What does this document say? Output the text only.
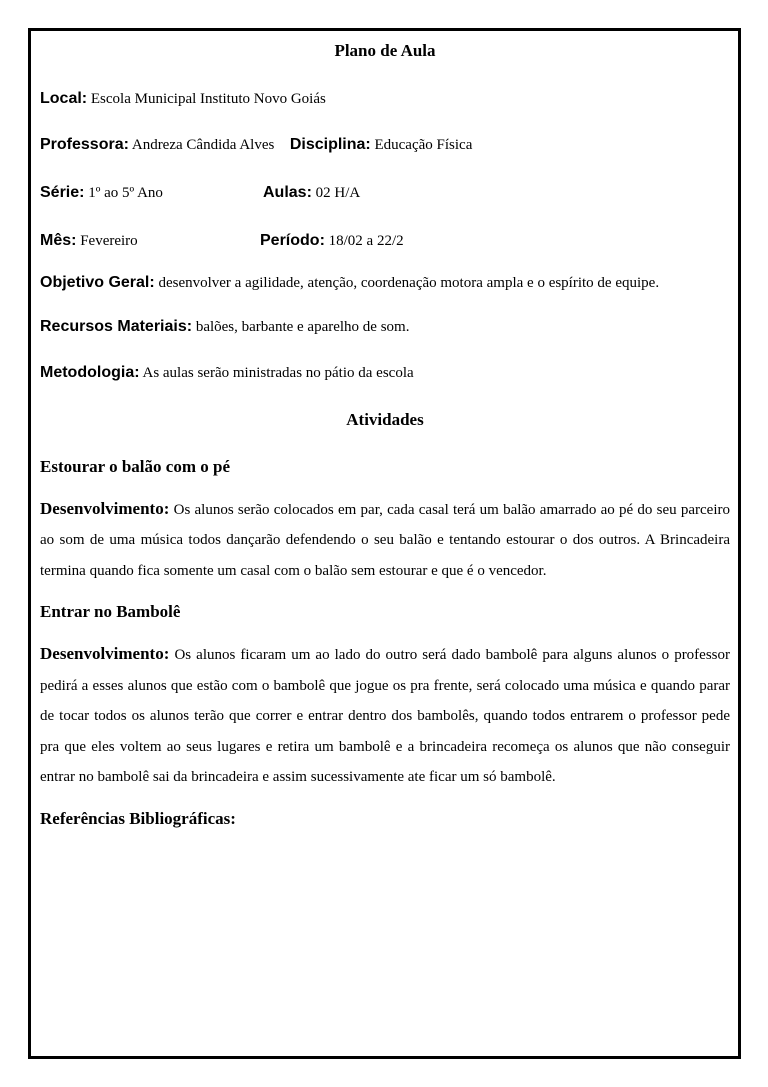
Plano de Aula
Local: Escola Municipal Instituto Novo Goiás
Professora: Andreza Cândida Alves Disciplina: Educação Física
Série: 1º ao 5º Ano	Aulas: 02 H/A
Mês: Fevereiro	Período: 18/02 a 22/2
Objetivo Geral: desenvolver a agilidade, atenção, coordenação motora ampla e o espírito de equipe.
Recursos Materiais: balões, barbante e aparelho de som.
Metodologia: As aulas serão ministradas no pátio da escola
Atividades
Estourar o balão com o pé
Desenvolvimento: Os alunos serão colocados em par, cada casal terá um balão amarrado ao pé do seu parceiro ao som de uma música todos dançarão defendendo o seu balão e tentando estourar o dos outros. A Brincadeira termina quando fica somente um casal com o balão sem estourar e que é o vencedor.
Entrar no Bambolê
Desenvolvimento: Os alunos ficaram um ao lado do outro será dado bambolê para alguns alunos o professor pedirá a esses alunos que estão com o bambolê que jogue os pra frente, será colocado uma música e quando parar de tocar todos os alunos terão que correr e entrar dentro dos bambolês, quando todos entrarem o professor pede pra que eles voltem ao seus lugares e retira um bambolê e a brincadeira recomeça os alunos que não conseguir entrar no bambolê sai da brincadeira e assim sucessivamente ate ficar um só bambolê.
Referências Bibliográficas:
